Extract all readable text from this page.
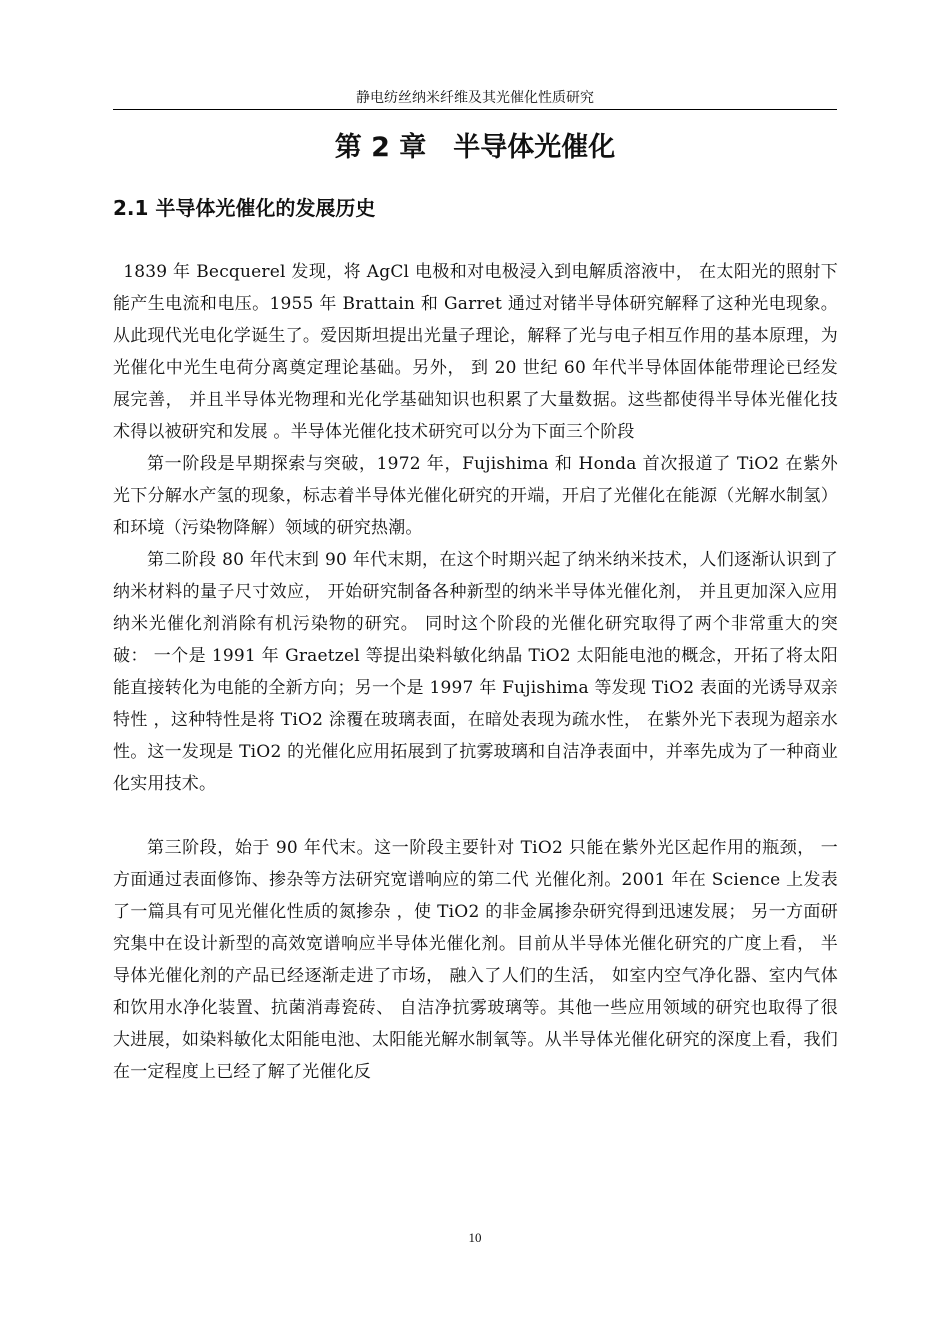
静电纺丝纳米纤维及其光催化性质研究
第 2 章　半导体光催化
2.1 半导体光催化的发展历史

1839 年 Becquerel 发现，将 AgCl 电极和对电极浸入到电解质溶液中， 在太阳光的照射下能产生电流和电压。1955 年 Brattain 和 Garret 通过对锗半导体研究解释了这种光电现象。从此现代光电化学诞生了。爱因斯坦提出光量子理论，解释了光与电子相互作用的基本原理，为光催化中光生电荷分离奠定理论基础。另外， 到 20 世纪 60 年代半导体固体能带理论已经发展完善， 并且半导体光物理和光化学基础知识也积累了大量数据。这些都使得半导体光催化技术得以被研究和发展 。半导体光催化技术研究可以分为下面三个阶段

第一阶段是早期探索与突破，1972 年，Fujishima 和 Honda 首次报道了 TiO2 在紫外光下分解水产氢的现象，标志着半导体光催化研究的开端，开启了光催化在能源（光解水制氢）和环境（污染物降解）领域的研究热潮。

第二阶段 80 年代末到 90 年代末期，在这个时期兴起了纳米纳米技术，人们逐渐认识到了纳米材料的量子尺寸效应， 开始研究制备各种新型的纳米半导体光催化剂， 并且更加深入应用纳米光催化剂消除有机污染物的研究。 同时这个阶段的光催化研究取得了两个非常重大的突破： 一个是 1991 年 Graetzel 等提出染料敏化纳晶 TiO2 太阳能电池的概念，开拓了将太阳能直接转化为电能的全新方向；另一个是 1997 年 Fujishima 等发现 TiO2 表面的光诱导双亲特性 ，这种特性是将 TiO2 涂覆在玻璃表面，在暗处表现为疏水性， 在紫外光下表现为超亲水性。这一发现是 TiO2 的光催化应用拓展到了抗雾玻璃和自洁净表面中，并率先成为了一种商业化实用技术。

第三阶段，始于 90 年代末。这一阶段主要针对 TiO2 只能在紫外光区起作用的瓶颈， 一方面通过表面修饰、掺杂等方法研究宽谱响应的第二代 光催化剂。2001 年在 Science 上发表了一篇具有可见光催化性质的氮掺杂 ，使 TiO2 的非金属掺杂研究得到迅速发展； 另一方面研究集中在设计新型的高效宽谱响应半导体光催化剂。目前从半导体光催化研究的广度上看， 半导体光催化剂的产品已经逐渐走进了市场， 融入了人们的生活， 如室内空气净化器、室内气体和饮用水净化装置、抗菌消毒瓷砖、 自洁净抗雾玻璃等。其他一些应用领域的研究也取得了很大进展，如染料敏化太阳能电池、太阳能光解水制氧等。从半导体光催化研究的深度上看，我们在一定程度上已经了解了光催化反

10
